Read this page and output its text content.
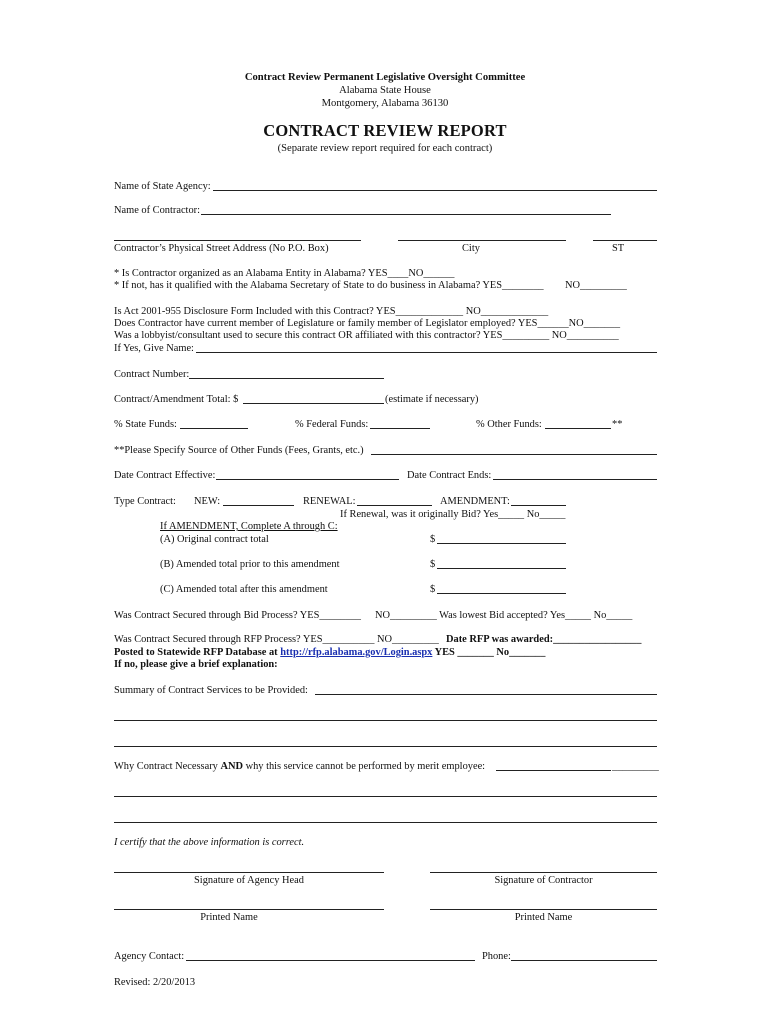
Contract Review Permanent Legislative Oversight Committee
Alabama State House
Montgomery, Alabama 36130
CONTRACT REVIEW REPORT
(Separate review report required for each contract)
Name of State Agency:
Name of Contractor:
Contractor’s Physical Street Address (No P.O. Box)	City	ST
* Is Contractor organized as an Alabama Entity in Alabama? YES____NO______
* If not, has it qualified with the Alabama Secretary of State to do business in Alabama? YES________ NO_________
Is Act 2001-955 Disclosure Form Included with this Contract? YES_____________ NO_____________
Does Contractor have current member of Legislature or family member of Legislator employed? YES______NO_______
Was a lobbyist/consultant used to secure this contract OR affiliated with this contractor? YES_________ NO__________
If Yes, Give Name:
Contract Number:
Contract/Amendment Total: $	(estimate if necessary)
% State Funds:	% Federal Funds:	% Other Funds:	**
**Please Specify Source of Other Funds (Fees, Grants, etc.)
Date Contract Effective:	Date Contract Ends:
Type Contract: NEW:	RENEWAL:	AMENDMENT:
If Renewal, was it originally Bid? Yes_____ No_____
If AMENDMENT, Complete A through C:
(A) Original contract total	$
(B) Amended total prior to this amendment	$
(C) Amended total after this amendment	$
Was Contract Secured through Bid Process? YES________ NO_________ Was lowest Bid accepted? Yes_____ No_____
Was Contract Secured through RFP Process? YES__________ NO_________ Date RFP was awarded:_________________
Posted to Statewide RFP Database at http://rfp.alabama.gov/Login.aspx YES _______ No_______
If no, please give a brief explanation:
Summary of Contract Services to be Provided:
Why Contract Necessary AND why this service cannot be performed by merit employee:	_________
I certify that the above information is correct.
Signature of Agency Head	Signature of Contractor
Printed Name	Printed Name
Agency Contact:	Phone:
Revised: 2/20/2013
